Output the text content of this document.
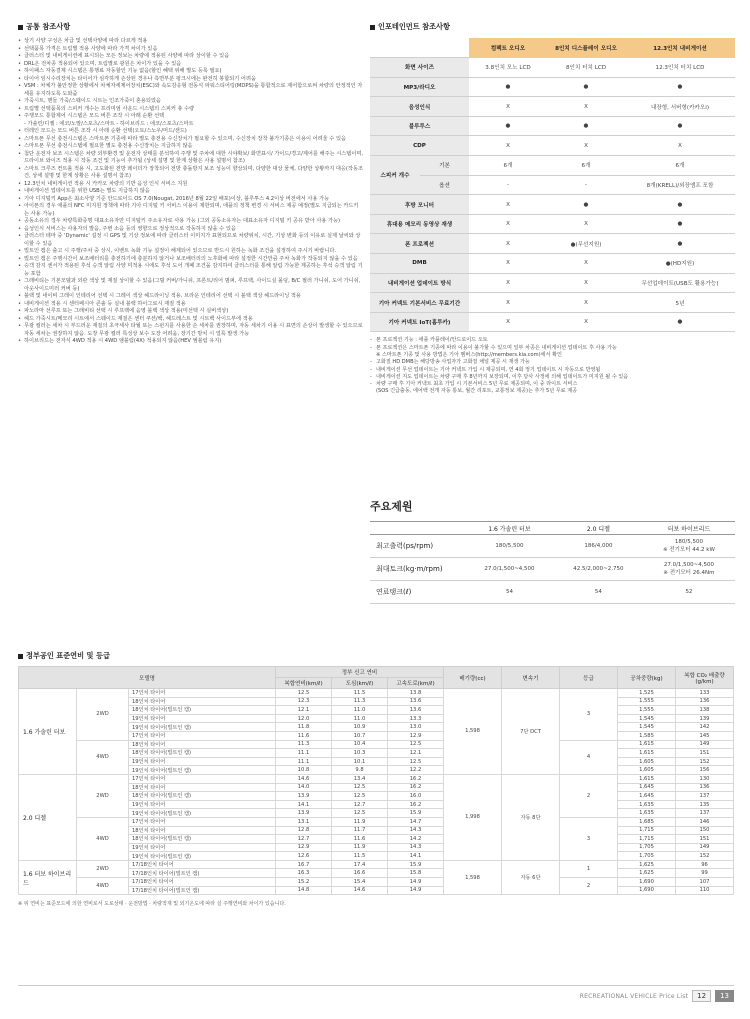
공통 참조사항
• 상기 사양 구성은 차급 및 선택사양에 따라 다르게 적용
• 선택품목 가격은 트림별 적용 사양에 따라 가격 차이가 있음
• 클러스터 및 내비게이션에 표시되는 모든 정보는 차량에 적용된 사양에 따라 상이할 수 있음
• DRL은 전차종 적용되어 있으며, 트림별로 광원은 차이가 있을 수 있음
• 하이패스 자동결제 시스템은 통행료 자동할인 기능 없음(할인 혜택 위해 별도 등록 필요)
• 타이어 임시수리장치는 타이어가 심각하게 손상된 경우나 측면부분 펑크시에는 완전히 봉합되기 어려움
• VSM : 차체가 불안정한 상황에서 차체자세제어장치(ESC)와 속도감응형 전동식 파워스티어링(MDPS)을 통합적으로 제어함으로써 차량의 안정적인 자세를 유지하도록 도와줌
• 가죽시트, 핸들 가죽/스웨이드 시트는 인조가죽이 혼용되었음
• 트림별 선택품목의 스피커 개수는 프리미엄 사운드 시스템의 스피커 총 수량
• 주행모드 통합제어 시스템은 모드 버튼 조작 시 아래 순환 선택
- 가솔린/디젤 : 에코/노말/스포츠/스마트 - 하이브리드 : 에코/스포츠/스마트
• 터레인 모드는 모드 버튼 조작 시 아래 순환 선택(오토/스노우/머드/샌드)
• 스마트폰 무선 충전시스템은 스마트폰 기종에 따라 별도 충전용 수신장치가 필요할 수 있으며, 수신장치 장착 불가기종은 이용이 어려울 수 있음
• 스마트폰 무선 충전시스템에 필요한 별도 충전용 수신장치는 지급하지 않음
• 첨단 운전자 보조 시스템은 차량 외부환경 및 운전자 상태를 분석하여 주행 및 주차에 대한 시야확보/ 화면표시/ 가이드/경고/제어를 해주는 시스템이며, 드라이브 와이즈 적용 시 작동 조건 및 기능이 추가됨 (상세 설명 및 한계 상황은 사용 설명서 참조)
• 스마트 크루즈 컨트롤 적용 시, 고도화된 전방 레이더가 장착되어 전방 충돌방지 보조 성능이 향상되며, 다양한 대상 물체, 다양한 상황까지 대응(작동조건, 상세 설명 및 한계 상황은 사용 설명서 참조)
• 12.3인치 내비게이션 적용 시 카카오 차량의 기반 음성 인식 서비스 지원
• 내비게이션 업데이트를 위한 USB는 별도 지급하지 않음
• 기아 디지털키 App은 최소사양 기준 안드로이드 OS 7.0(Nougat, 2016년 8월 22일 배포)이상, 블루투스 4.2이상 버전에서 사용 가능
• 아이폰의 경우 애플의 NFC 미지원 정책에 따라 기아 디지털 키 서비스 이용이 제한되며, 애플의 정책 변경 시 서비스 제공 예정(별도 지급되는 카드키는 사용 가능)
• 공동소유의 경우 차량특화증명 대표소유자만 디지털키 주소유자로 사용 가능 (그외 공동소유자는 대표소유자 디지털 키 공유 받아 사용 가능)
• 음성인식 서비스는 사용자의 발음, 주변 소음 등의 영향으로 정상적으로 작동하지 않을 수 있음
• 클러스터 테마 중 'Dynamic' 설정 시 GPS 및 기상 정보에 따라 클러스터 이미지가 표현되므로 차량위치, 시간, 기상 변화 등의 이유로 실제 날씨와 상이할 수 있음
• 빌트인 캠은 출고 시 주행/주차 중 상시, 이벤트 녹화 기능 설정이 해제되어 있으므로 반드시 원하는 녹화 조건을 설정하여 주시기 바랍니다.
• 빌트인 캠은 주행시간이 보조배터리를 충전하기에 충분하지 않거나 보조배터리의 노후화에 따라 설정한 시간만큼 주차 녹화가 작동되지 않을 수 있음
• 승객 감지 센서가 적용된 후석 승객 알림 사양 미적용 시에도 후석 도어 개폐 조건을 감지하여 클러스터를 통해 알림 가능한 제공하는 후석 승객 알림 기능 포함
• 그래비티는 기본모델과 외관 색상 및 재질 상이할 수 있음(그릴 커버/가니쉬, 프론트/리어 범퍼, 루프랙, 사이드실 몰딩, B/C 필러 가니쉬, 도어 가니쉬, 아웃사이드미러 커버 등)
• 블랙 및 네이비 그레이 인테리어 선택 시 그레이 색상 헤드라이닝 적용, 브라운 인테리어 선택 시 블랙 색상 헤드라이닝 적용
• 내비게이션 적용 시 센터페시아 콘솔 등 실내 블랙 하이그로시 재질 적용
• 파노라마 선루프 또는 그래비티 선택 시 루프랙에 음영 블랙 색상 적용(미선택 시 실버색상)
• 헤드 가죽시트/메모리 시트에서 스웨이드 재질은 센터 쿠션/백, 헤드레스트 및 시트백 사이드부에 적용
• 무광 컬러는 세차 시 부드러운 재질의 초극세사 타월 또는 스펀지를 사용한 손 세차를 권장하며, 자동 세차기 이용 시 표면의 손상이 발생할 수 있으므로 자동 세차는 권장하지 않음. 도장 무광 컬러 특성상 보수 도장 어려움, 장기간 방치 시 얼룩 발생 가능
• 하이브리드는 전자식 4WD 적용 시 4WD 엠블럼(4X) 적용되지 않음(HEV 엠블럼 유지)
인포테인먼트 참조사항
		컴팩트 오디오	8인치 디스플레이 오디오	12.3인치 내비게이션
화면 사이즈		3.8인치 모노 LCD	8인치 터치 LCD	12.3인치 터치 LCD
MP3/라디오		●	●	●
음성인식		X	X	내장형, 서버형(카카오i)
블루투스		●	●	●
CDP		X	X	X
스피커 개수	기본	6개	6개	6개
	옵션	-	-	8개(KRELL)/외장앰프 포함
후방 모니터		X	●	●
휴대용 메모리 동영상 재생		X	X	●
폰 프로젝션		X	●(무선지원)	●
DMB		X	X	●(HD지원)
내비게이션 업데이트 방식		X	X	무선업데이트(USB도 활용가능)
기아 커넥트 기본서비스 무료기간		X	X	5년
기아 커넥트 IoT(홈투카)		X	X	●
- 폰 프로젝션 기능 : 애플 카플레이/안드로이드 오토
- 폰 프로젝션은 스마트폰 기종에 따라 이용이 불가할 수 있으며 일부 차종은 내비게이션 업데이트 후 사용 가능
※ 스마트폰 기종 및 사용 방법은 기아 멤버스(http://members.kia.com)에서 확인
- 고화질 HD DMB는 해당방송 사업자가 고화질 채널 제공 시 재생 가능
- 내비게이션 무선 업데이트는 기아 커넥트 가입 시 제공되며, 연 4회 정기 업데이트 시 자동으로 반영됨
- 내비게이션 지도 업데이트는 차량 구매 후 8년까지 보장되며, 이후 당사 사정에 의해 업데이트가 미지원 될 수 있음
- 차량 구매 후 기아 커넥트 최초 가입 시 기본서비스 5년 무료 제공되며, 이 중 라이트 서비스
(SOS 긴급출동, 에어백 전개 자동 통보, 월간 리포트, 교통정보 제공)는 추가 5년 무료 제공
주요제원
	1.6 가솔린 터보	2.0 디젤	터보 하이브리드
최고출력(ps/rpm)	180/5,500	186/4,000	180/5,500
※ 전기모터 44.2 kW

최대토크(kg·m/rpm)	27.0/1,500~4,500	42.5/2,000~2,750	27.0/1,500~4,500
※ 전기모터 26.4Nm

연료탱크(ℓ)	54	54	52
정부공인 표준연비 및 등급
모델명			정부 신고 연비			배기량(cc)	변속기	등급	공차중량(kg)	복합 CO₂ 배출량 (g/km)
			복합연비(km/ℓ)	도심(km/ℓ)	고속도로(km/ℓ)					
1.6 가솔린 터보	2WD	17인치 타이어	12.5	11.5	13.8	1,598	7단 DCT	3	1,525	133
		18인치 타이어	12.3	11.3	13.6				1,555	136
		18인치 타이어(빌트인 캠)	12.1	11.0	13.6				1,555	138
		19인치 타이어	12.0	11.0	13.3				1,545	139
		19인치 타이어(빌트인 캠)	11.8	10.9	13.0				1,545	142
		17인치 타이어	11.6	10.7	12.9				1,585	145
	4WD	18인치 타이어	11.3	10.4	12.5			4	1,615	149
		18인치 타이어(빌트인 캠)	11.1	10.3	12.1				1,615	151
		19인치 타이어	11.1	10.1	12.5				1,605	152
		19인치 타이어(빌트인 캠)	10.8	9.8	12.2				1,605	156
2.0 디젤	2WD	17인치 타이어	14.6	13.4	16.2	1,998	자동 8단	2	1,615	130
		18인치 타이어	14.0	12.5	16.2				1,645	136
		18인치 타이어(빌트인 캠)	13.9	12.5	16.0				1,645	137
		19인치 타이어	14.1	12.7	16.2				1,635	135
		19인치 타이어(빌트인 캠)	13.9	12.5	15.9				1,635	137
	4WD	17인치 타이어	13.1	11.9	14.7			3	1,685	146
		18인치 타이어	12.8	11.7	14.3				1,715	150
		18인치 타이어(빌트인 캠)	12.7	11.6	14.2				1,715	151
		19인치 타이어	12.9	11.9	14.3				1,705	149
		19인치 타이어(빌트인 캠)	12.6	11.5	14.1				1,705	152
1.6 터보 하이브리드	2WD	17/18인치 타이어	16.7	17.4	15.9	1,598	자동 6단	1	1,625	96
		17/18인치 타이어(빌트인 캠)	16.3	16.6	15.8				1,625	99
	4WD	17/18인치 타이어	15.2	15.4	14.9			2	1,690	107
		17/18인치 타이어(빌트인 캠)	14.8	14.6	14.9				1,690	110
※ 위 연비는 표준모드에 의한 연비로서 도로상태 · 운전방법 · 차량적재 및 외기온도에 따라 실 주행연비와 차이가 있습니다.
RECREATIONAL VEHICLE Price List	12	13
